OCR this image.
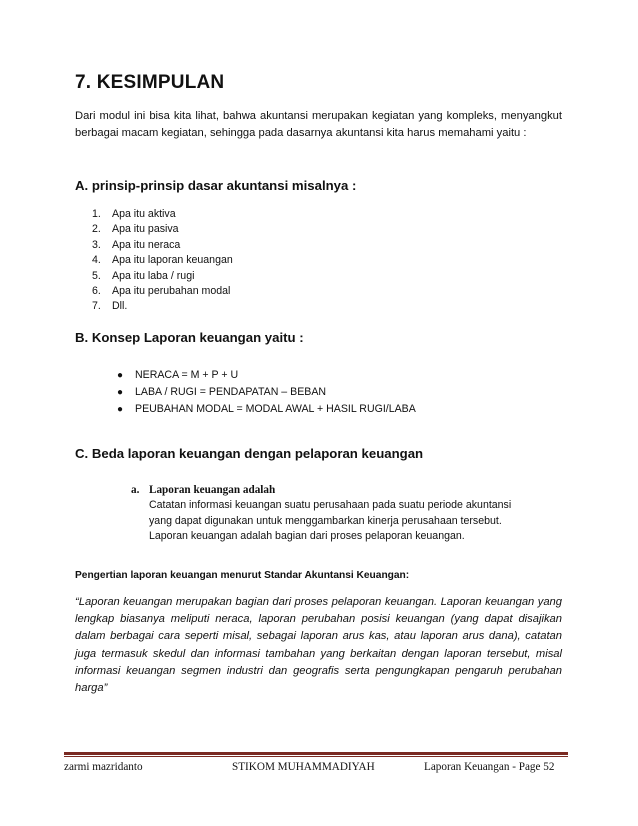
7. KESIMPULAN
Dari modul ini bisa kita lihat, bahwa akuntansi merupakan kegiatan yang kompleks, menyangkut berbagai macam kegiatan, sehingga pada dasarnya akuntansi kita harus memahami yaitu :
A. prinsip-prinsip dasar akuntansi misalnya :
1. Apa itu aktiva
2. Apa itu pasiva
3. Apa itu neraca
4. Apa itu laporan keuangan
5. Apa itu laba / rugi
6. Apa itu perubahan modal
7. Dll.
B. Konsep Laporan keuangan yaitu :
● NERACA = M + P + U
● LABA / RUGI = PENDAPATAN – BEBAN
● PEUBAHAN MODAL = MODAL AWAL + HASIL RUGI/LABA
C. Beda laporan keuangan dengan pelaporan keuangan
a. Laporan keuangan adalah
Catatan informasi keuangan suatu perusahaan pada suatu periode akuntansi
yang dapat digunakan untuk menggambarkan kinerja perusahaan tersebut.
Laporan keuangan adalah bagian dari proses pelaporan keuangan.
Pengertian laporan keuangan menurut Standar Akuntansi Keuangan:
“Laporan keuangan merupakan bagian dari proses pelaporan keuangan. Laporan keuangan yang lengkap biasanya meliputi neraca, laporan perubahan posisi keuangan (yang dapat disajikan dalam berbagai cara seperti misal, sebagai laporan arus kas, atau laporan arus dana), catatan juga termasuk skedul dan informasi tambahan yang berkaitan dengan laporan tersebut, misal informasi keuangan segmen industri dan geografis serta pengungkapan pengaruh perubahan harga”
zarmi mazridanto	STIKOM MUHAMMADIYAH	Laporan Keuangan - Page 52
